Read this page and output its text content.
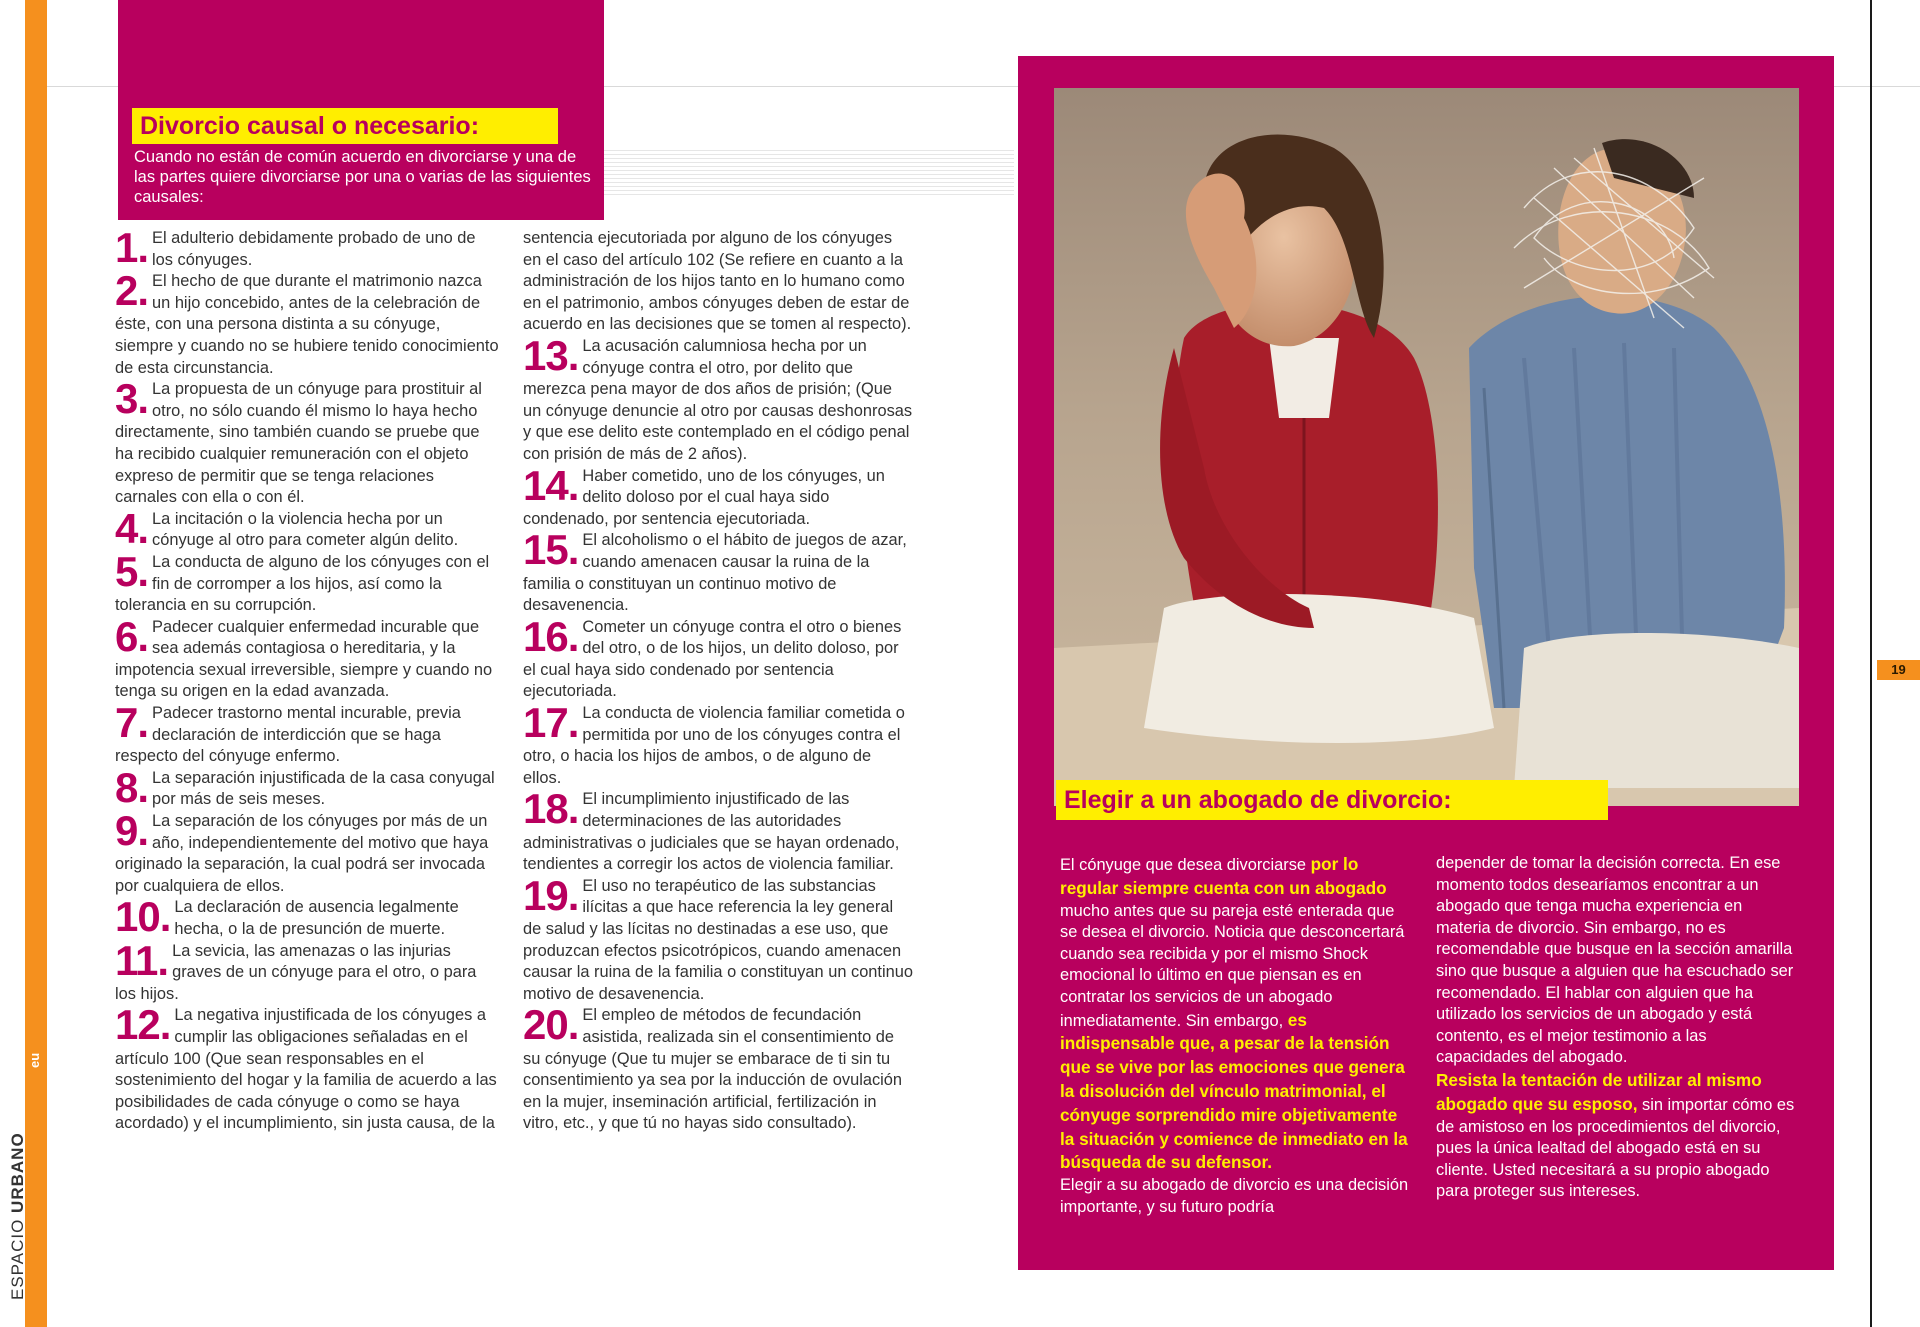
ESPACIO URBANO
eu
19
Divorcio causal o necesario:
Cuando no están de común acuerdo en divorciarse y una de las partes quiere divorciarse por una o varias de las siguientes causales:

1. El adulterio debidamente probado de uno de los cónyuges.

2. El hecho de que durante el matrimonio nazca un hijo concebido, antes de la celebración de éste, con una persona distinta a su cónyuge, siempre y cuando no se hubiere tenido conocimiento de esta circunstancia.

3. La propuesta de un cónyuge para prostituir al otro, no sólo cuando él mismo lo haya hecho directamente, sino también cuando se pruebe que ha recibido cualquier remuneración con el objeto expreso de permitir que se tenga relaciones carnales con ella o con él.

4. La incitación o la violencia hecha por un cónyuge al otro para cometer algún delito.

5. La conducta de alguno de los cónyuges con el fin de corromper a los hijos, así como la tolerancia en su corrupción.

6. Padecer cualquier enfermedad incurable que sea además contagiosa o hereditaria, y la impotencia sexual irreversible, siempre y cuando no tenga su origen en la edad avanzada.

7. Padecer trastorno mental incurable, previa declaración de interdicción que se haga respecto del cónyuge enfermo.

8. La separación injustificada de la casa conyugal por más de seis meses.

9. La separación de los cónyuges por más de un año, independientemente del motivo que haya originado la separación, la cual podrá ser invocada por cualquiera de ellos.

10. La declaración de ausencia legalmente hecha, o la de presunción de muerte.

11. La sevicia, las amenazas o las injurias graves de un cónyuge para el otro, o para los hijos.

12. La negativa injustificada de los cónyuges a cumplir las obligaciones señaladas en el artículo 100 (Que sean responsables en el sostenimiento del hogar y la familia de acuerdo a las posibilidades de cada cónyuge o como se haya acordado) y el incumplimiento, sin justa causa, de la

sentencia ejecutoriada por alguno de los cónyuges en el caso del artículo 102 (Se refiere en cuanto a la administración de los hijos tanto en lo humano como en el patrimonio, ambos cónyuges deben de estar de acuerdo en las decisiones que se tomen al respecto).

13. La acusación calumniosa hecha por un cónyuge contra el otro, por delito que merezca pena mayor de dos años de prisión; (Que un cónyuge denuncie al otro por causas deshonrosas y que ese delito este contemplado en el código penal con prisión de más de 2 años).

14. Haber cometido, uno de los cónyuges, un delito doloso por el cual haya sido condenado, por sentencia ejecutoriada.

15. El alcoholismo o el hábito de juegos de azar, cuando amenacen causar la ruina de la familia o constituyan un continuo motivo de desavenencia.

16. Cometer un cónyuge contra el otro o bienes del otro, o de los hijos, un delito doloso, por el cual haya sido condenado por sentencia ejecutoriada.

17. La conducta de violencia familiar cometida o permitida por uno de los cónyuges contra el otro, o hacia los hijos de ambos, o de alguno de ellos.

18. El incumplimiento injustificado de las determinaciones de las autoridades administrativas o judiciales que se hayan ordenado, tendientes a corregir los actos de violencia familiar.

19. El uso no terapéutico de las substancias ilícitas a que hace referencia la ley general de salud y las lícitas no destinadas a ese uso, que produzcan efectos psicotrópicos, cuando amenacen causar la ruina de la familia o constituyan un continuo motivo de desavenencia.

20. El empleo de métodos de fecundación asistida, realizada sin el consentimiento de su cónyuge (Que tu mujer se embarace de ti sin tu consentimiento ya sea por la inducción de ovulación en la mujer, inseminación artificial, fertilización in vitro, etc., y que tú no hayas sido consultado).

Elegir a un abogado de divorcio:
El cónyuge que desea divorciarse por lo regular siempre cuenta con un abogado mucho antes que su pareja esté enterada que se desea el divorcio. Noticia que desconcertará cuando sea recibida y por el mismo Shock emocional lo último en que piensan es en contratar los servicios de un abogado inmediatamente. Sin embargo, es indispensable que, a pesar de la tensión que se vive por las emociones que genera la disolución del vínculo matrimonial, el cónyuge sorprendido mire objetivamente la situación y comience de inmediato en la búsqueda de su defensor.
Elegir a su abogado de divorcio es una decisión importante, y su futuro podría
depender de tomar la decisión correcta. En ese momento todos desearíamos encontrar a un abogado que tenga mucha experiencia en materia de divorcio. Sin embargo, no es recomendable que busque en la sección amarilla sino que busque a alguien que ha escuchado ser recomendado. El hablar con alguien que ha utilizado los servicios de un abogado y está contento, es el mejor testimonio a las capacidades del abogado.
Resista la tentación de utilizar al mismo abogado que su esposo, sin importar cómo es de amistoso en los procedimientos del divorcio, pues la única lealtad del abogado está en su cliente. Usted necesitará a su propio abogado para proteger sus intereses.
